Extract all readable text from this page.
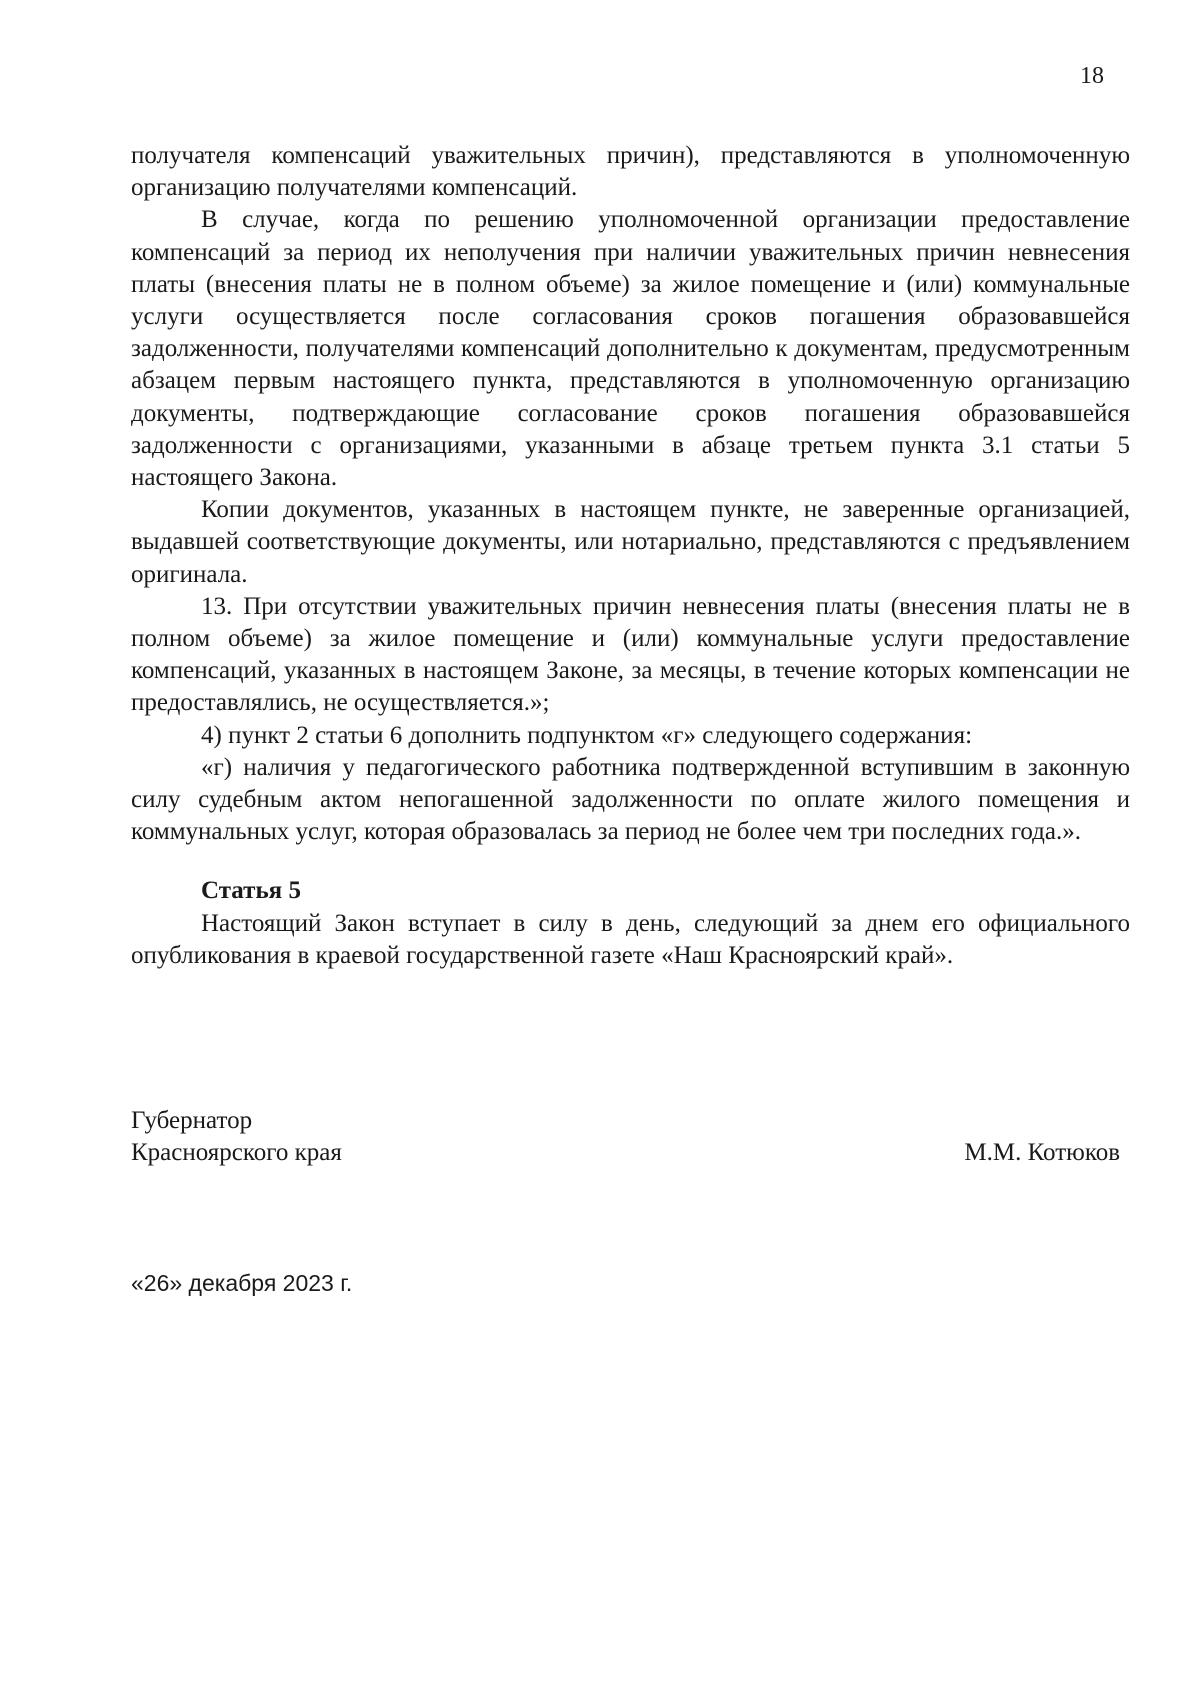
18

получателя компенсаций уважительных причин), представляются в уполномоченную организацию получателями компенсаций.

В случае, когда по решению уполномоченной организации предоставление компенсаций за период их неполучения при наличии уважительных причин невнесения платы (внесения платы не в полном объеме) за жилое помещение и (или) коммунальные услуги осуществляется после согласования сроков погашения образовавшейся задолженности, получателями компенсаций дополнительно к документам, предусмотренным абзацем первым настоящего пункта, представляются в уполномоченную организацию документы, подтверждающие согласование сроков погашения образовавшейся задолженности с организациями, указанными в абзаце третьем пункта 3.1 статьи 5 настоящего Закона.

Копии документов, указанных в настоящем пункте, не заверенные организацией, выдавшей соответствующие документы, или нотариально, представляются с предъявлением оригинала.

13. При отсутствии уважительных причин невнесения платы (внесения платы не в полном объеме) за жилое помещение и (или) коммунальные услуги предоставление компенсаций, указанных в настоящем Законе, за месяцы, в течение которых компенсации не предоставлялись, не осуществляется.»;

4) пункт 2 статьи 6 дополнить подпунктом «г» следующего содержания:

«г) наличия у педагогического работника подтвержденной вступившим в законную силу судебным актом непогашенной задолженности по оплате жилого помещения и коммунальных услуг, которая образовалась за период не более чем три последних года.».

Статья 5

Настоящий Закон вступает в силу в день, следующий за днем его официального опубликования в краевой государственной газете «Наш Красноярский край».

Губернатор
Красноярского края	М.М. Котюков
«26» декабря 2023 г.
